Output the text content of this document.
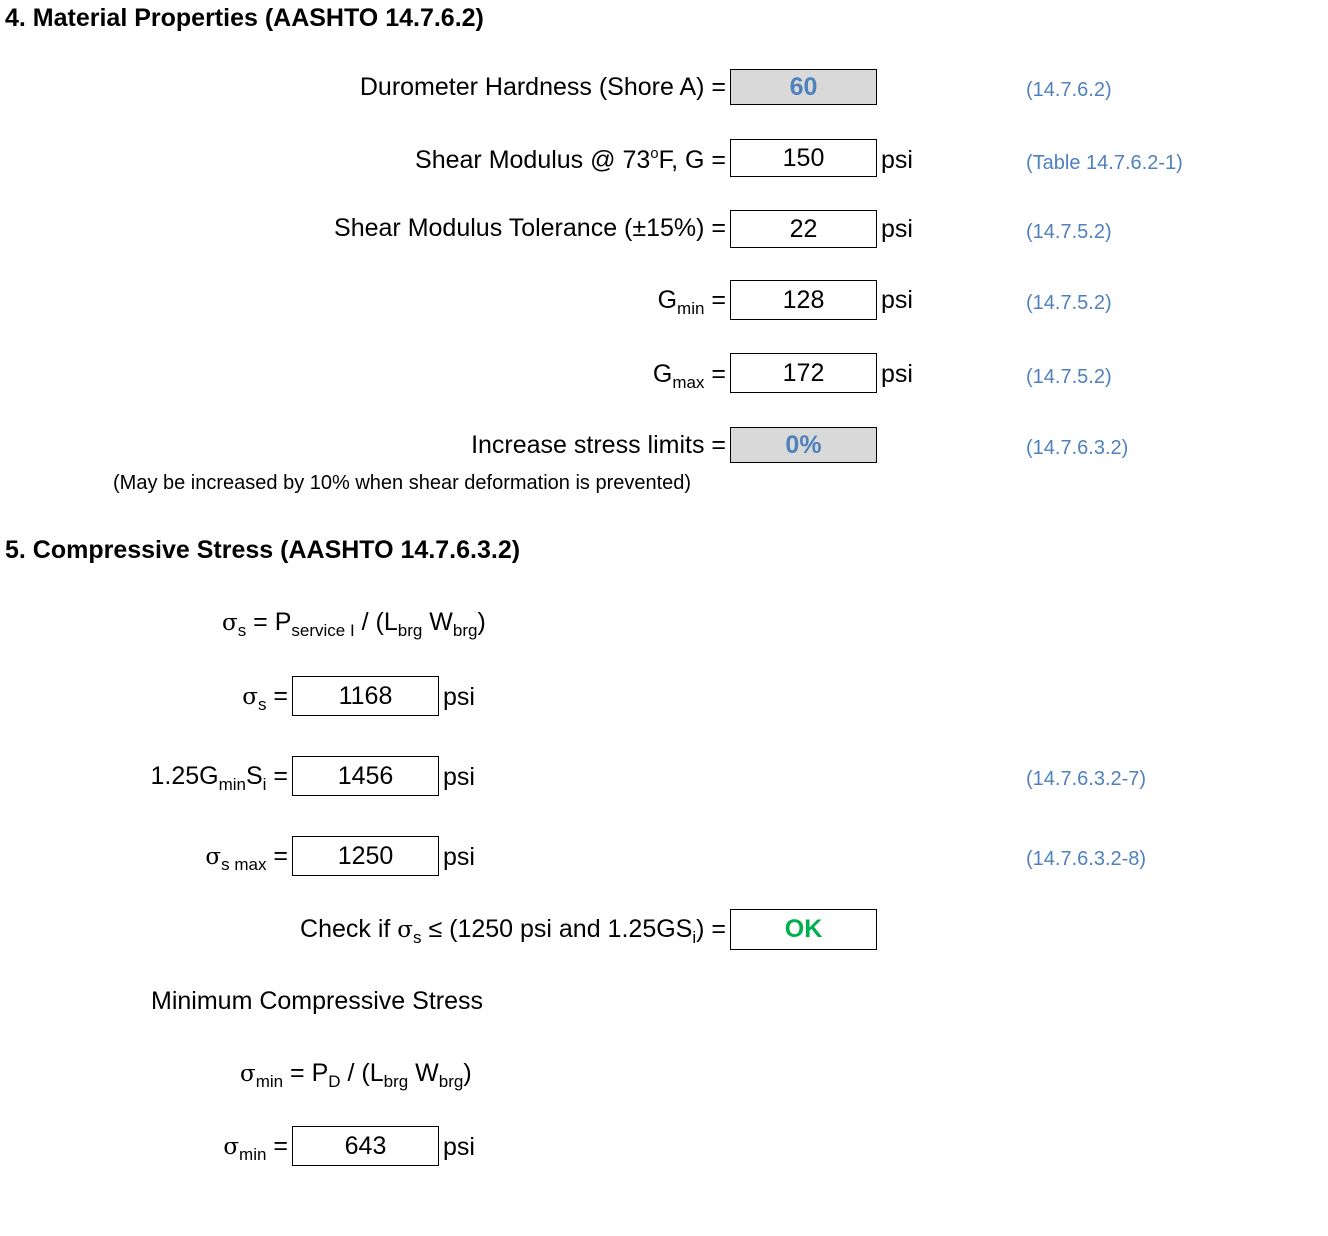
4. Material Properties (AASHTO 14.7.6.2)
Durometer Hardness (Shore A) =	60	(14.7.6.2)
Shear Modulus @ 73$^o$F, G =	150	psi	(Table 14.7.6.2-1)
Shear Modulus Tolerance (±15%) =	22	psi	(14.7.5.2)
$G_{min}$ =	128	psi	(14.7.5.2)
$G_{max}$ =	172	psi	(14.7.5.2)
Increase stress limits =	0%	(14.7.6.3.2)
(May be increased by 10% when shear deformation is prevented)
5. Compressive Stress (AASHTO 14.7.6.3.2)
$\sigma_s = P_{service I} / (L_{brg}$ $W_{brg}$)
$\sigma_s$ =	1168	psi
$1.25G_{min}S_i$ =	1456	psi	(14.7.6.3.2-7)
$\sigma_{s max}$ =	1250	psi	(14.7.6.3.2-8)
Check if $\sigma_s \le (1250$ psi and $1.25GS_i$) =	OK
Minimum Compressive Stress
$\sigma_{min} = P_D / (L_{brg}$ $W_{brg}$)
$\sigma_{min}$ =	643	psi
